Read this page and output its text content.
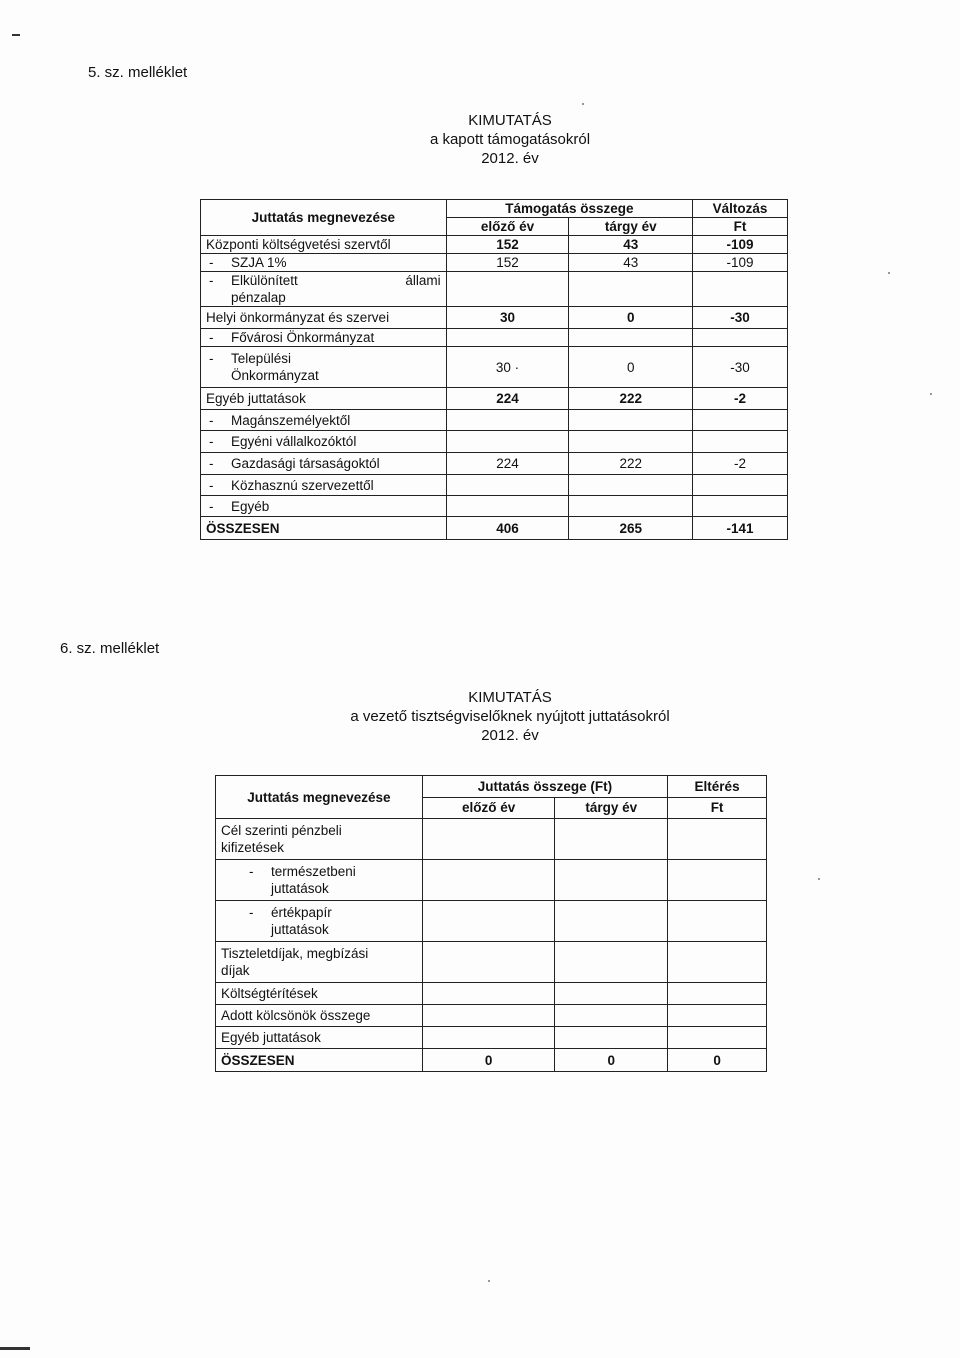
5. sz. melléklet
KIMUTATÁS
a kapott támogatásokról
2012. év
Juttatás megnevezése	Támogatás összege		Változás
	előző év	tárgy év	Ft
Központi költségvetési szervtől	152	43	-109
- SZJA 1%	152	43	-109

- Elkülönített állami
pénzalap			

Helyi önkormányzat és szervei	30	0	-30
- Fővárosi Önkormányzat			

- Települési
Önkormányzat	30 ·	0	-30
Egyéb juttatások	224	222	-2
- Magánszemélyektől			
- Egyéni vállalkozóktól			
- Gazdasági társaságoktól	224	222	-2
- Közhasznú szervezettől			
- Egyéb			
ÖSSZESEN	406	265	-141
6. sz. melléklet
KIMUTATÁS
a vezető tisztségviselőknek nyújtott juttatásokról
2012. év
Juttatás megnevezése	Juttatás összege (Ft)		Eltérés
	előző év	tárgy év	Ft

Cél szerinti pénzbeli
kifizetések			

- természetbeni
juttatások			

- értékpapír
juttatások			

Tiszteletdíjak, megbízási
díjak			

Költségtérítések			
Adott kölcsönök összege			
Egyéb juttatások			
ÖSSZESEN	0	0	0
